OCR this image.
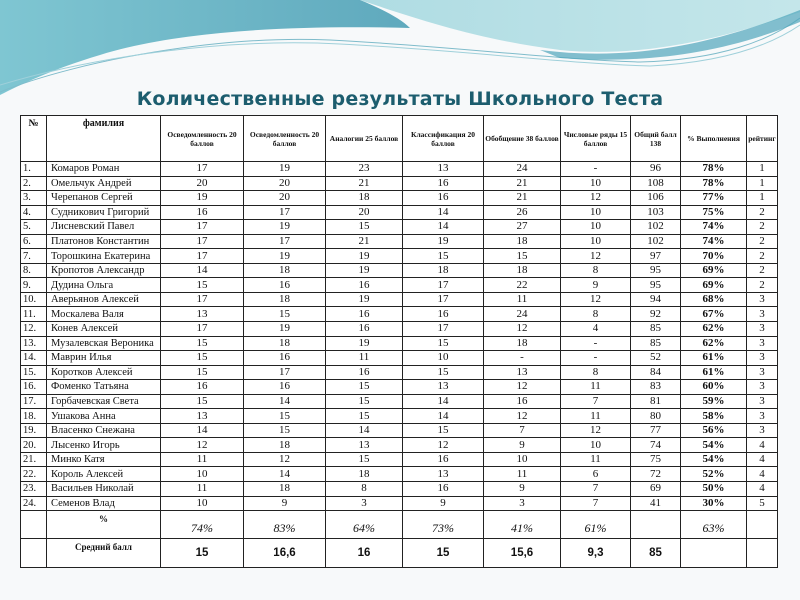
Количественные результаты Школьного Теста
№	фамилия	Осведомленность 20 баллов	Осведомленность 20 баллов	Аналогии 25 баллов	Классификация 20 баллов	Обобщение 38 баллов	Числовые ряды 15 баллов	Общий балл 138	% Выполнения	рейтинг
1.	Комаров Роман	17	19	23	13	24	-	96	78%	1
2.	Омельчук Андрей	20	20	21	16	21	10	108	78%	1
3.	Черепанов Сергей	19	20	18	16	21	12	106	77%	1
4.	Судникович Григорий	16	17	20	14	26	10	103	75%	2
5.	Лисневский Павел	17	19	15	14	27	10	102	74%	2
6.	Платонов Константин	17	17	21	19	18	10	102	74%	2
7.	Торошкина Екатерина	17	19	19	15	15	12	97	70%	2
8.	Кропотов Александр	14	18	19	18	18	8	95	69%	2
9.	Дудина Ольга	15	16	16	17	22	9	95	69%	2
10.	Аверьянов Алексей	17	18	19	17	11	12	94	68%	3
11.	Москалева Валя	13	15	16	16	24	8	92	67%	3
12.	Конев Алексей	17	19	16	17	12	4	85	62%	3
13.	Музалевская Вероника	15	18	19	15	18	-	85	62%	3
14.	Маврин Илья	15	16	11	10	-	-	52	61%	3
15.	Коротков Алексей	15	17	16	15	13	8	84	61%	3
16.	Фоменко Татьяна	16	16	15	13	12	11	83	60%	3
17.	Горбачевская Света	15	14	15	14	16	7	81	59%	3
18.	Ушакова Анна	13	15	15	14	12	11	80	58%	3
19.	Власенко Снежана	14	15	14	15	7	12	77	56%	3
20.	Лысенко Игорь	12	18	13	12	9	10	74	54%	4
21.	Минко Катя	11	12	15	16	10	11	75	54%	4
22.	Король Алексей	10	14	18	13	11	6	72	52%	4
23.	Васильев Николай	11	18	8	16	9	7	69	50%	4
24.	Семенов Влад	10	9	3	9	3	7	41	30%	5
	%	74%	83%	64%	73%	41%	61%		63%	
	Средний балл	15	16,6	16	15	15,6	9,3	85		
